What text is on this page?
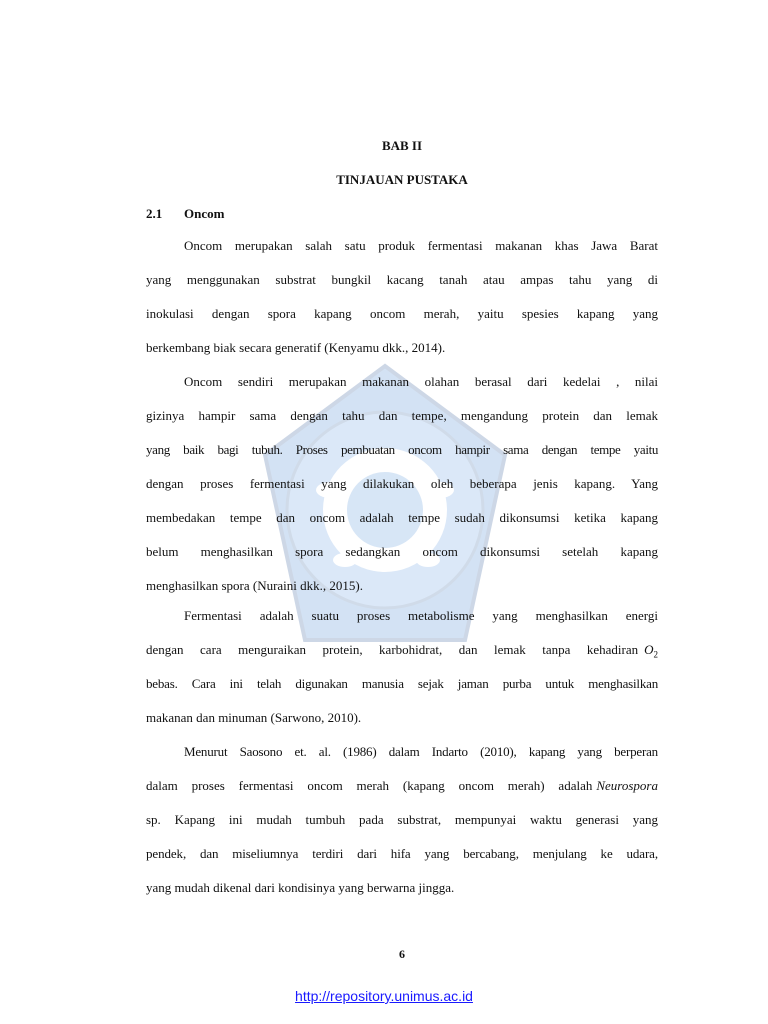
BAB II
TINJAUAN PUSTAKA
2.1 Oncom
Oncom merupakan salah satu produk fermentasi makanan khas Jawa Barat
yang menggunakan substrat bungkil kacang tanah atau ampas tahu yang di
inokulasi dengan spora kapang oncom merah, yaitu spesies kapang yang
berkembang biak secara generatif (Kenyamu dkk., 2014).
Oncom sendiri merupakan makanan olahan berasal dari kedelai , nilai
gizinya hampir sama dengan tahu dan tempe, mengandung protein dan lemak
yang baik bagi tubuh. Proses pembuatan oncom hampir sama dengan tempe yaitu
dengan proses fermentasi yang dilakukan oleh beberapa jenis kapang. Yang
membedakan tempe dan oncom adalah tempe sudah dikonsumsi ketika kapang
belum menghasilkan spora sedangkan oncom dikonsumsi setelah kapang
menghasilkan spora (Nuraini dkk., 2015).
Fermentasi adalah suatu proses metabolisme yang menghasilkan energi
dengan cara menguraikan protein, karbohidrat, dan lemak tanpa kehadiran $O_2$
bebas. Cara ini telah digunakan manusia sejak jaman purba untuk menghasilkan
makanan dan minuman (Sarwono, 2010).
Menurut Saosono et. al. (1986) dalam Indarto (2010), kapang yang berperan
dalam proses fermentasi oncom merah (kapang oncom merah) adalah Neurospora
sp. Kapang ini mudah tumbuh pada substrat, mempunyai waktu generasi yang
pendek, dan miseliumnya terdiri dari hifa yang bercabang, menjulang ke udara,
yang mudah dikenal dari kondisinya yang berwarna jingga.
6
http://repository.unimus.ac.id
